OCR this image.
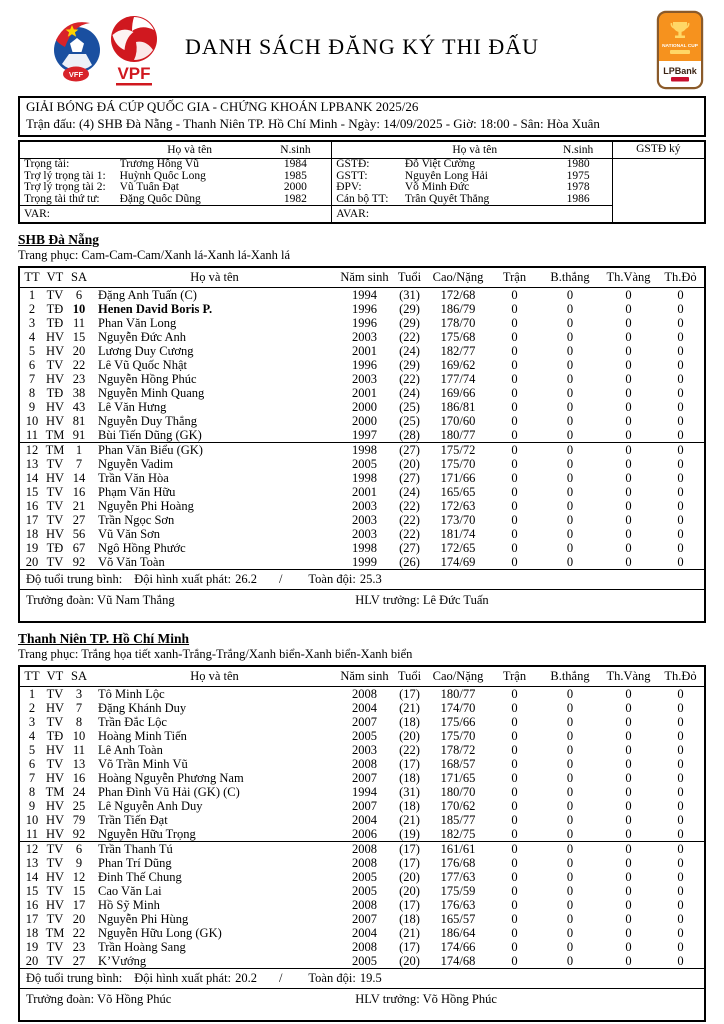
VFF VPF
DANH SÁCH ĐĂNG KÝ THI ĐẤU	NATIONAL CUP
LPBank
GIẢI BÓNG ĐÁ CÚP QUỐC GIA - CHỨNG KHOÁN LPBANK 2025/26
Trận đấu: (4) SHB Đà Nẵng - Thanh Niên TP. Hồ Chí Minh - Ngày: 14/09/2025 - Giờ: 18:00 - Sân: Hòa Xuân
	Họ và tên	N.sinh
Trọng tài:	Trương Hồng Vũ	1984
Trợ lý trọng tài 1:	Huỳnh Quốc Long	1985
Trợ lý trọng tài 2:	Vũ Tuấn Đạt	2000
Trọng tài thứ tư:	Đặng Quốc Dũng	1982
VAR:		
	Họ và tên	N.sinh
GSTĐ:	Đỗ Việt Cường	1980
GSTT:	Nguyễn Long Hải	1975
ĐPV:	Võ Minh Đức	1978
Cán bộ TT:	Trần Quyết Thắng	1986
AVAR:		
GSTĐ ký

SHB Đà Nẵng

Trang phục: Cam-Cam-Cam/Xanh lá-Xanh lá-Xanh lá
TT	VT	SA	Họ và tên	Năm sinh	Tuổi	Cao/Nặng	Trận	B.thắng	Th.Vàng	Th.Đỏ
1	TV	6	Đặng Anh Tuấn (C)	1994	(31)	172/68	0	0	0	0
2	TĐ	10	Henen David Boris P.	1996	(29)	186/79	0	0	0	0
3	TĐ	11	Phan Văn Long	1996	(29)	178/70	0	0	0	0
4	HV	15	Nguyễn Đức Anh	2003	(22)	175/68	0	0	0	0
5	HV	20	Lương Duy Cương	2001	(24)	182/77	0	0	0	0
6	TV	22	Lê Vũ Quốc Nhật	1996	(29)	169/62	0	0	0	0
7	HV	23	Nguyễn Hồng Phúc	2003	(22)	177/74	0	0	0	0
8	TĐ	38	Nguyễn Minh Quang	2001	(24)	169/66	0	0	0	0
9	HV	43	Lê Văn Hưng	2000	(25)	186/81	0	0	0	0
10	HV	81	Nguyễn Duy Thắng	2000	(25)	170/60	0	0	0	0
11	TM	91	Bùi Tiến Dũng (GK)	1997	(28)	180/77	0	0	0	0
12	TM	1	Phan Văn Biểu (GK)	1998	(27)	175/72	0	0	0	0
13	TV	7	Nguyễn Vadim	2005	(20)	175/70	0	0	0	0
14	HV	14	Trần Văn Hòa	1998	(27)	171/66	0	0	0	0
15	TV	16	Phạm Văn Hữu	2001	(24)	165/65	0	0	0	0
16	TV	21	Nguyễn Phi Hoàng	2003	(22)	172/63	0	0	0	0
17	TV	27	Trần Ngọc Sơn	2003	(22)	173/70	0	0	0	0
18	HV	56	Vũ Văn Sơn	2003	(22)	181/74	0	0	0	0
19	TĐ	67	Ngô Hồng Phước	1998	(27)	172/65	0	0	0	0
20	TV	92	Võ Văn Toàn	1999	(26)	174/69	0	0	0	0
Độ tuổi trung bình: Đội hình xuất phát: 26.2 / Toàn đội: 25.3
Trưởng đoàn: Vũ Nam Thắng	HLV trưởng: Lê Đức Tuấn

Thanh Niên TP. Hồ Chí Minh

Trang phục: Trắng họa tiết xanh-Trắng-Trắng/Xanh biển-Xanh biển-Xanh biển
TT	VT	SA	Họ và tên	Năm sinh	Tuổi	Cao/Nặng	Trận	B.thắng	Th.Vàng	Th.Đỏ
1	TV	3	Tô Minh Lộc	2008	(17)	180/77	0	0	0	0
2	HV	7	Đặng Khánh Duy	2004	(21)	174/70	0	0	0	0
3	TV	8	Trần Đắc Lộc	2007	(18)	175/66	0	0	0	0
4	TĐ	10	Hoàng Minh Tiến	2005	(20)	175/70	0	0	0	0
5	HV	11	Lê Anh Toàn	2003	(22)	178/72	0	0	0	0
6	TV	13	Võ Trần Minh Vũ	2008	(17)	168/57	0	0	0	0
7	HV	16	Hoàng Nguyễn Phương Nam	2007	(18)	171/65	0	0	0	0
8	TM	24	Phan Đình Vũ Hải (GK) (C)	1994	(31)	180/70	0	0	0	0
9	HV	25	Lê Nguyễn Anh Duy	2007	(18)	170/62	0	0	0	0
10	HV	79	Trần Tiến Đạt	2004	(21)	185/77	0	0	0	0
11	HV	92	Nguyễn Hữu Trọng	2006	(19)	182/75	0	0	0	0
12	TV	6	Trần Thanh Tú	2008	(17)	161/61	0	0	0	0
13	TV	9	Phan Trí Dũng	2008	(17)	176/68	0	0	0	0
14	HV	12	Đinh Thế Chung	2005	(20)	177/63	0	0	0	0
15	TV	15	Cao Văn Lai	2005	(20)	175/59	0	0	0	0
16	HV	17	Hồ Sỹ Minh	2008	(17)	176/63	0	0	0	0
17	TV	20	Nguyễn Phi Hùng	2007	(18)	165/57	0	0	0	0
18	TM	22	Nguyễn Hữu Long (GK)	2004	(21)	186/64	0	0	0	0
19	TV	23	Trần Hoàng Sang	2008	(17)	174/66	0	0	0	0
20	TV	27	K’Vướng	2005	(20)	174/68	0	0	0	0
Độ tuổi trung bình: Đội hình xuất phát: 20.2 / Toàn đội: 19.5
Trưởng đoàn: Võ Hồng Phúc	HLV trưởng: Võ Hồng Phúc
